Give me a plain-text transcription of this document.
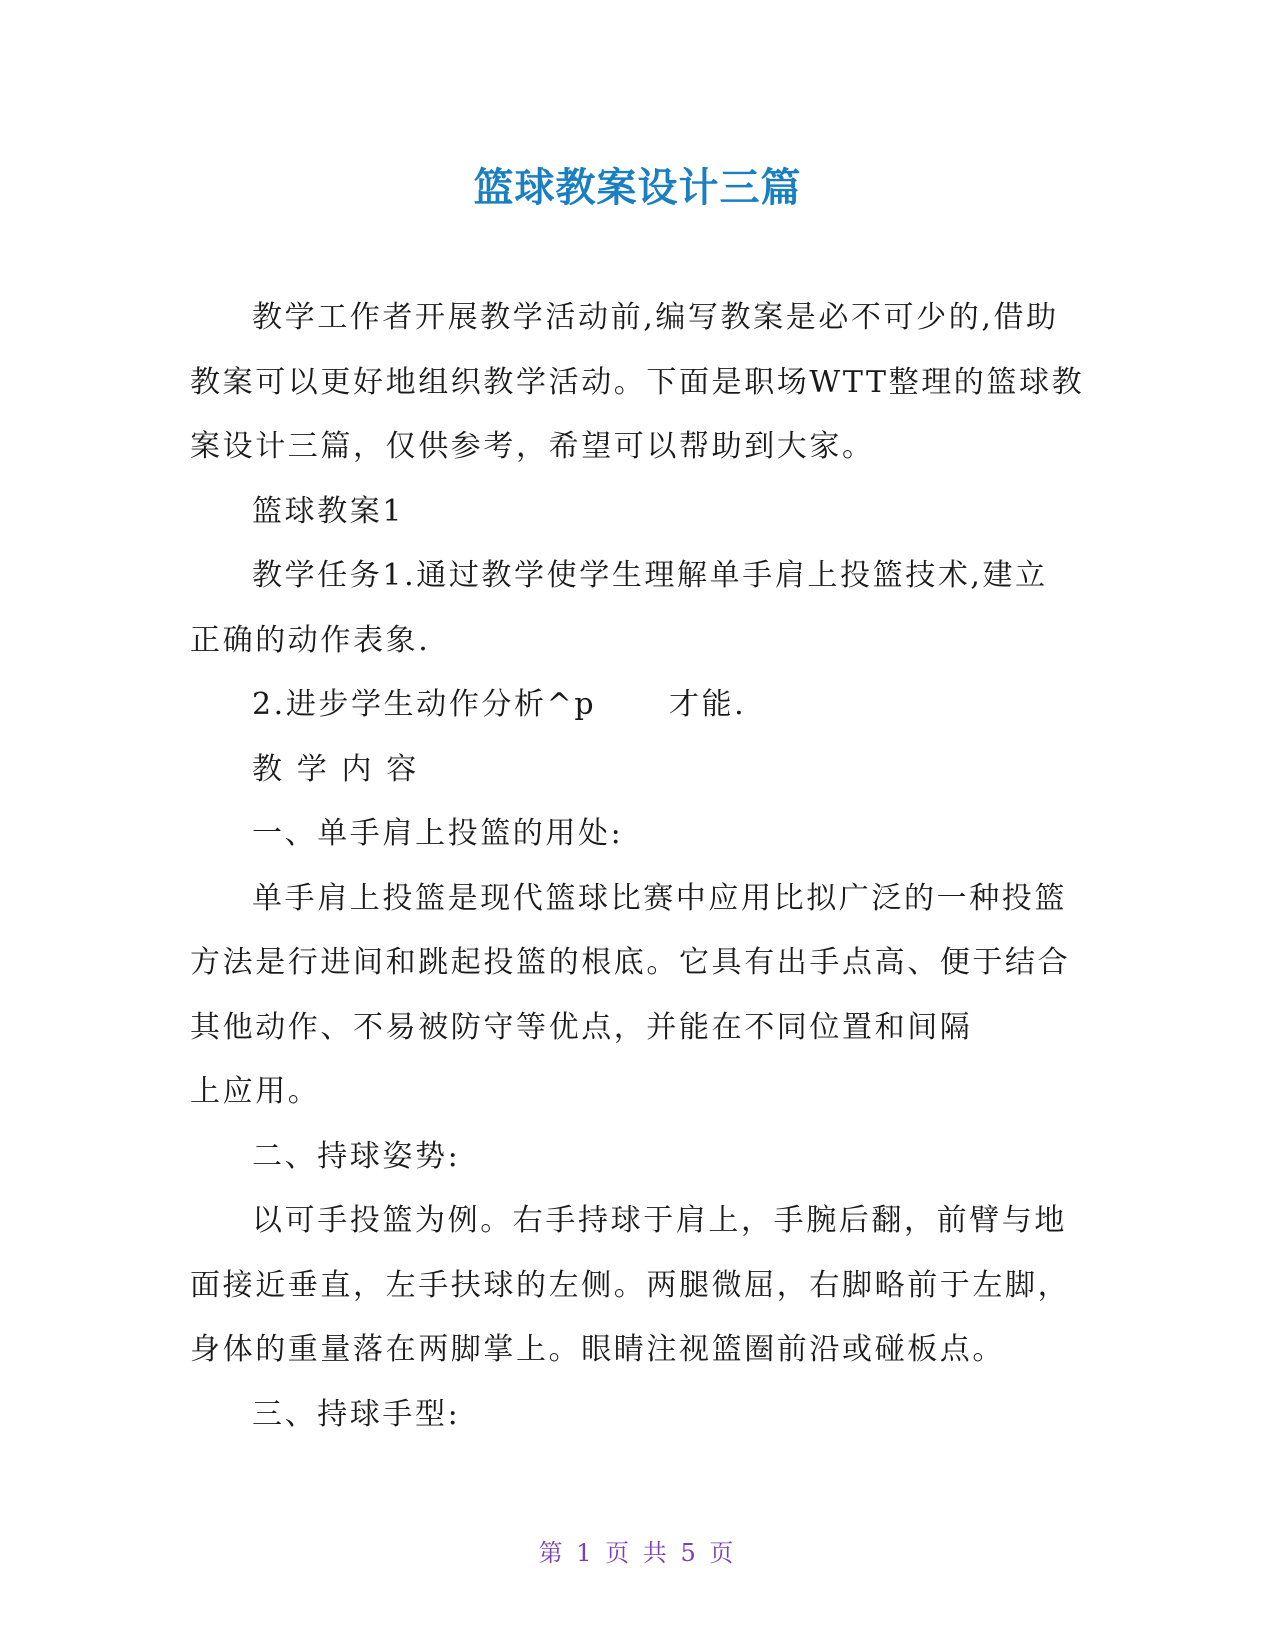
篮球教案设计三篇

教学工作者开展教学活动前,编写教案是必不可少的,借助

教案可以更好地组织教学活动。下面是职场WTT整理的篮球教

案设计三篇，仅供参考，希望可以帮助到大家。

篮球教案1

教学任务1.通过教学使学生理解单手肩上投篮技术,建立

正确的动作表象.

2.进步学生动作分析^p      才能.

教 学 内 容

一、单手肩上投篮的用处:

单手肩上投篮是现代篮球比赛中应用比拟广泛的一种投篮

方法是行进间和跳起投篮的根底。它具有出手点高、便于结合

其他动作、不易被防守等优点，并能在不同位置和间隔

上应用。

二、持球姿势:

以可手投篮为例。右手持球于肩上，手腕后翻，前臂与地

面接近垂直，左手扶球的左侧。两腿微屈，右脚略前于左脚，

身体的重量落在两脚掌上。眼睛注视篮圈前沿或碰板点。

三、持球手型:

第 1 页 共 5 页
